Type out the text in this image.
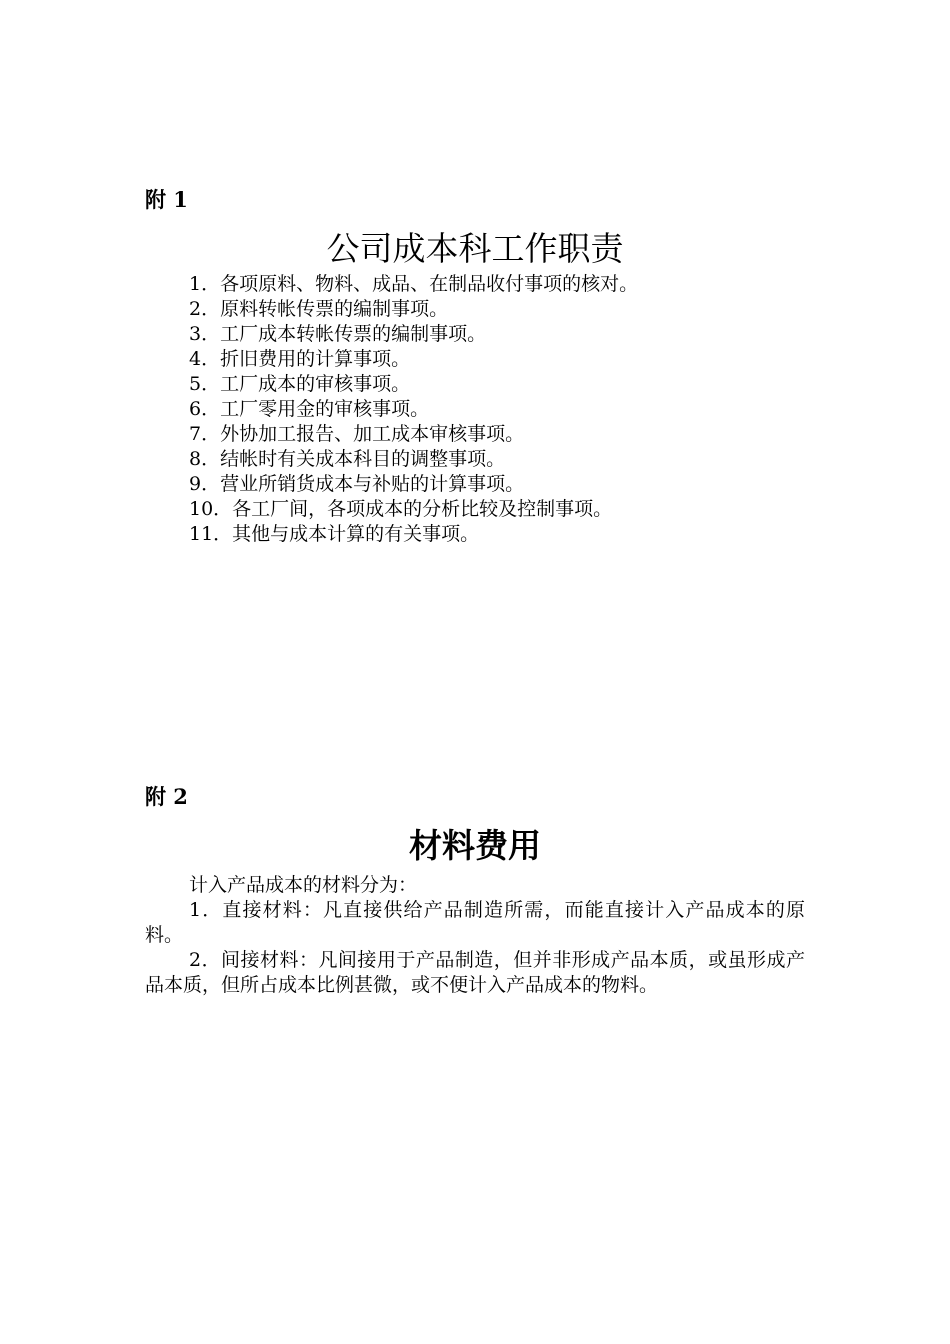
附 1
公司成本科工作职责
1．各项原料、物料、成品、在制品收付事项的核对。
2．原料转帐传票的编制事项。
3．工厂成本转帐传票的编制事项。
4．折旧费用的计算事项。
5．工厂成本的审核事项。
6．工厂零用金的审核事项。
7．外协加工报告、加工成本审核事项。
8．结帐时有关成本科目的调整事项。
9．营业所销货成本与补贴的计算事项。
10．各工厂间，各项成本的分析比较及控制事项。
11．其他与成本计算的有关事项。
附 2
材料费用

计入产品成本的材料分为：

1．直接材料：凡直接供给产品制造所需，而能直接计入产品成本的原料。

2．间接材料：凡间接用于产品制造，但并非形成产品本质，或虽形成产品本质，但所占成本比例甚微，或不便计入产品成本的物料。
